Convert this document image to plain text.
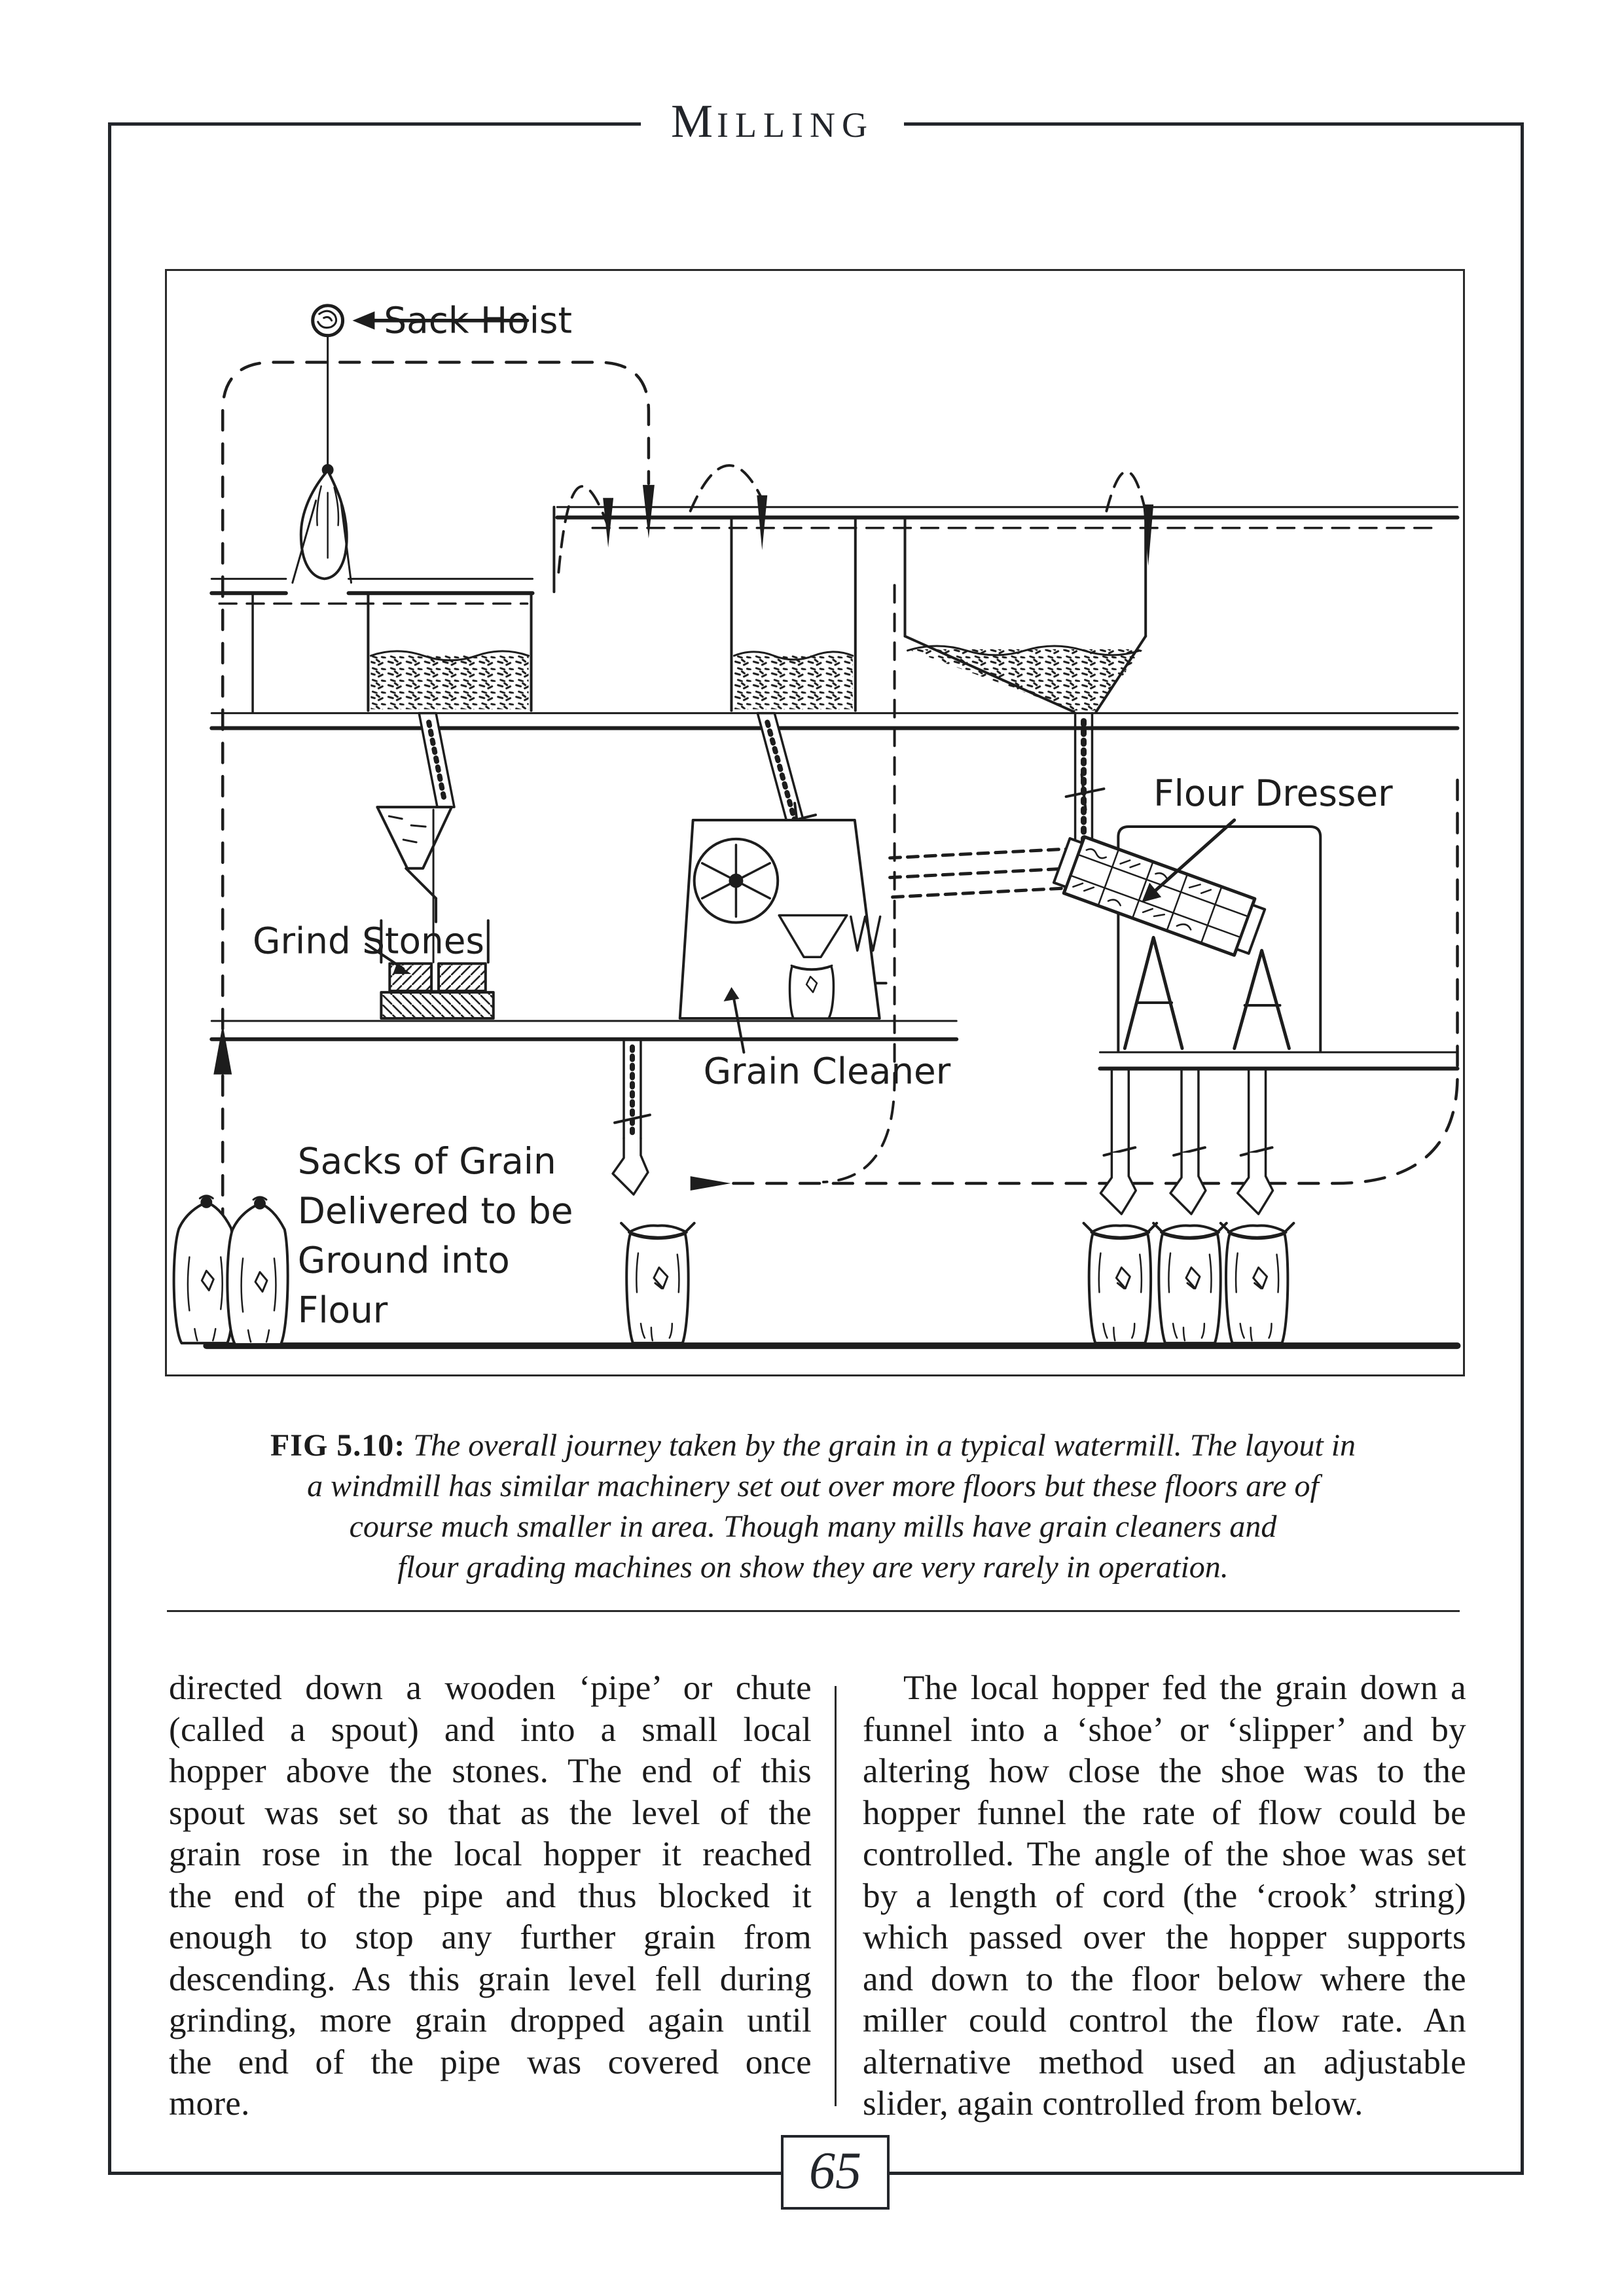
MILLING
Sack Hoist
Flour Dresser
Grind Stones
Grain Cleaner
Sacks of Grain
Delivered to be
Ground into
Flour
FIG 5.10: The overall journey taken by the grain in a typical watermill. The layout in
a windmill has similar machinery set out over more floors but these floors are of
course much smaller in area. Though many mills have grain cleaners and
flour grading machines on show they are very rarely in operation.
directed down a wooden ‘pipe’ or chute
(called a spout) and into a small local
hopper above the stones. The end of this
spout was set so that as the level of the
grain rose in the local hopper it reached
the end of the pipe and thus blocked it
enough to stop any further grain from
descending. As this grain level fell during
grinding, more grain dropped again until
the end of the pipe was covered once
more.
The local hopper fed the grain down a
funnel into a ‘shoe’ or ‘slipper’ and by
altering how close the shoe was to the
hopper funnel the rate of flow could be
controlled. The angle of the shoe was set
by a length of cord (the ‘crook’ string)
which passed over the hopper supports
and down to the floor below where the
miller could control the flow rate. An
alternative method used an adjustable
slider, again controlled from below.
65
